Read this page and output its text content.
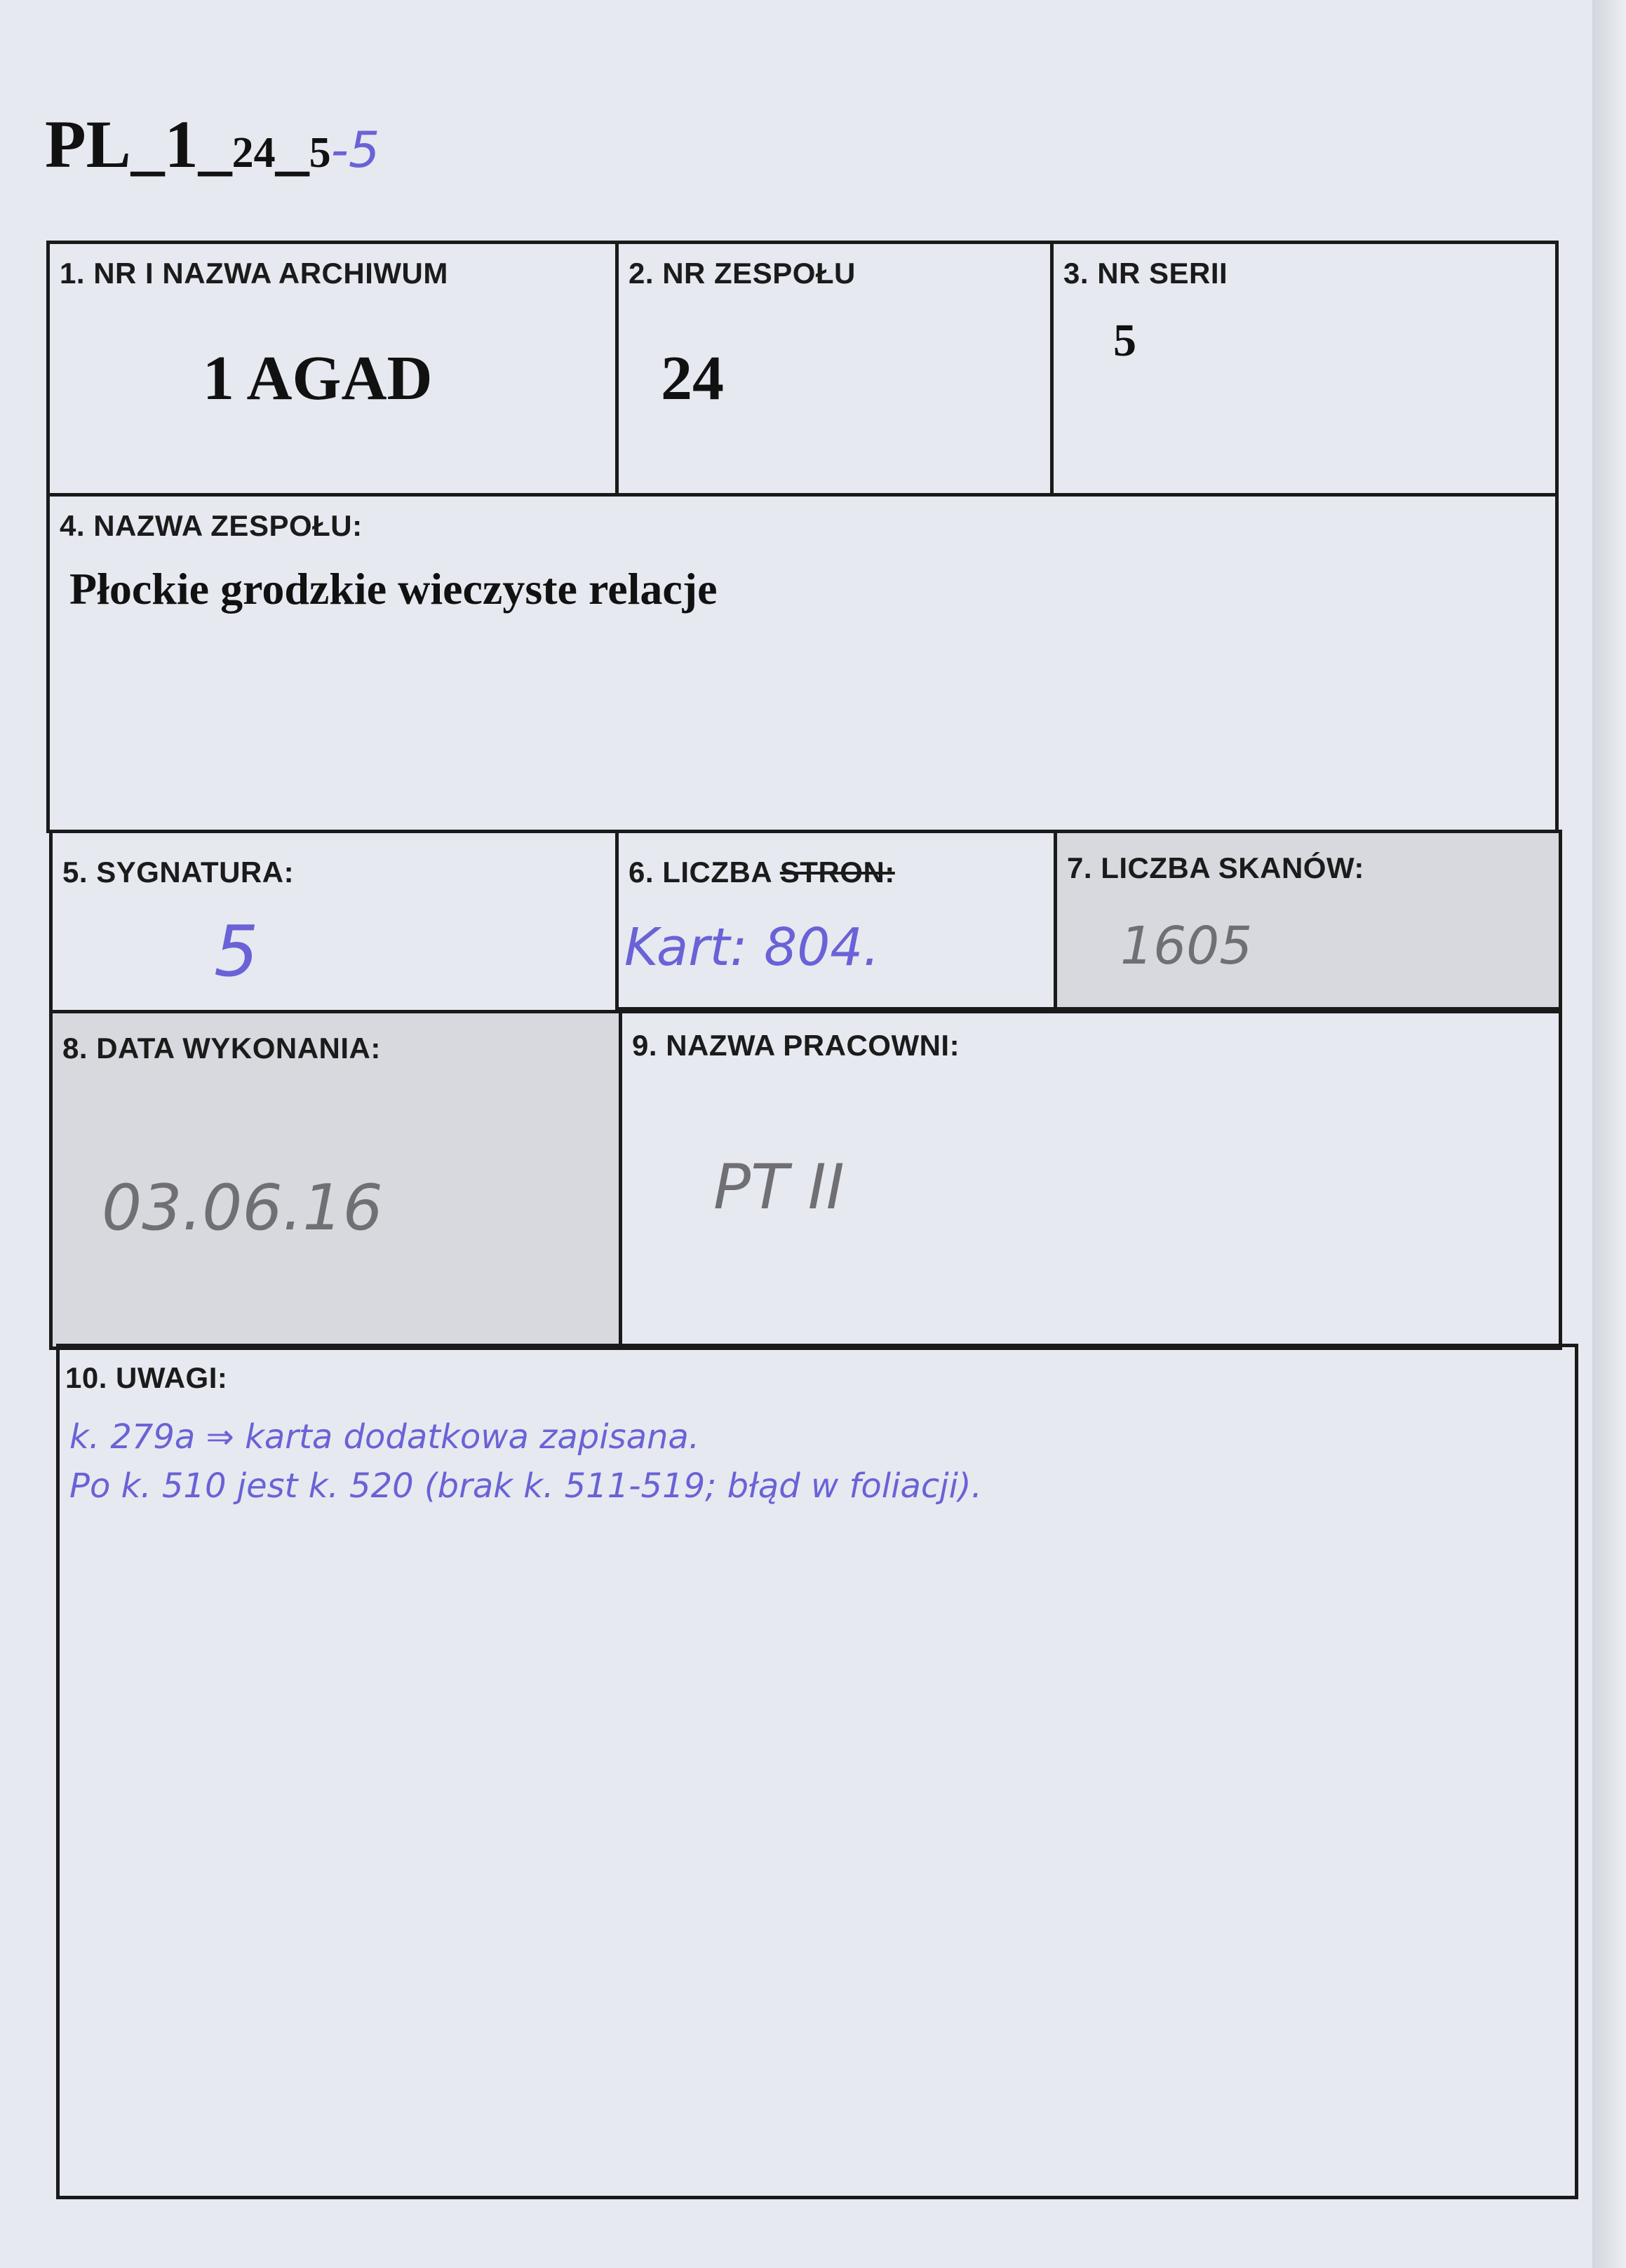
PL_1_24_5-5
1. NR I NAZWA ARCHIWUM
1 AGAD
2. NR ZESPOŁU
24
3. NR SERII
5
4. NAZWA ZESPOŁU:
Płockie grodzkie wieczyste relacje
5. SYGNATURA:
5
6. LICZBA STRON:
Kart: 804.
7. LICZBA SKANÓW:
1605
8. DATA WYKONANIA:
03.06.16
9. NAZWA PRACOWNI:
PT II
10. UWAGI:
k. 279a ⇒ karta dodatkowa zapisana.
Po k. 510 jest k. 520 (brak k. 511-519; błąd w foliacji).
